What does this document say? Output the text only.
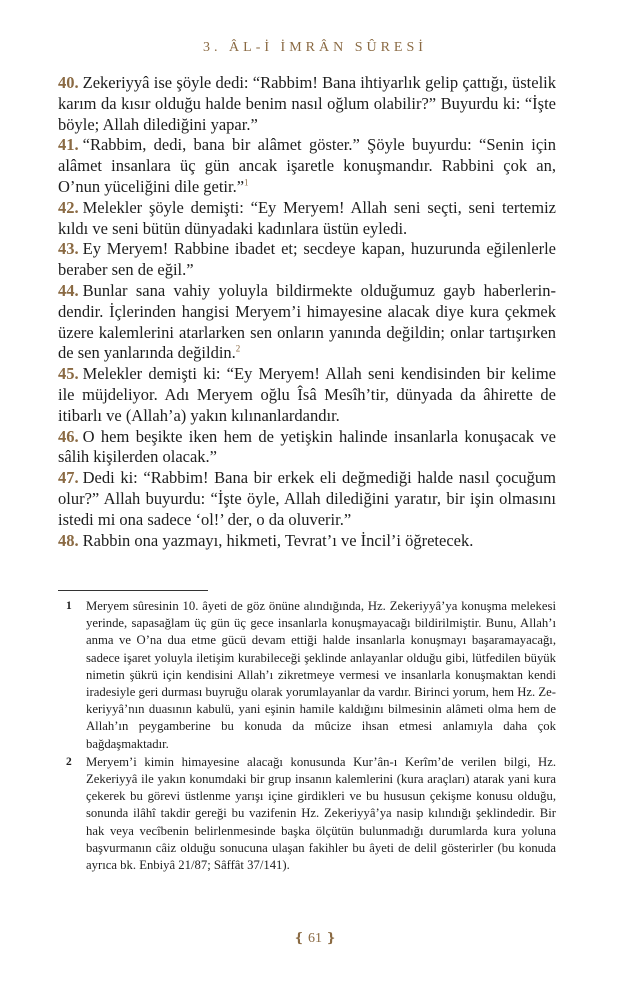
3. ÂL-İ İMRÂN SÛRESİ

40. Zekeriyyâ ise şöyle dedi: “Rabbim! Bana ihtiyarlık gelip çattığı, üstelik karım da kısır olduğu halde benim nasıl oğlum olabilir?” Buyurdu ki: “İşte böyle; Allah dilediğini yapar.”

41. “Rabbim, dedi, bana bir alâmet göster.” Şöyle buyurdu: “Senin için alâmet insanlara üç gün ancak işaretle konuşmandır. Rabbini çok an, O’nun yüceliğini dile getir.”$^1$

42. Melekler şöyle demişti: “Ey Meryem! Allah seni seçti, seni tertemiz kıldı ve seni bütün dünyadaki kadınlara üstün eyledi.

43. Ey Meryem! Rabbine ibadet et; secdeye kapan, huzurunda eğilenlerle beraber sen de eğil.”

44. Bunlar sana vahiy yoluyla bildirmekte olduğumuz gayb haberlerindendir. İçlerinden hangisi Meryem’i himayesine alacak diye kura çekmek üzere kalemlerini atarlarken sen onların yanında değildin; onlar tartışırken de sen yanlarında değildin.$^2$

45. Melekler demişti ki: “Ey Meryem! Allah seni kendisinden bir kelime ile müjdeliyor. Adı Meryem oğlu Îsâ Mesîh’tir, dünyada da âhirette de itibarlı ve (Allah’a) yakın kılınanlardandır.

46. O hem beşikte iken hem de yetişkin halinde insanlarla konuşacak ve sâlih kişilerden olacak.”

47. Dedi ki: “Rabbim! Bana bir erkek eli değmediği halde nasıl çocuğum olur?” Allah buyurdu: “İşte öyle, Allah dilediğini yaratır, bir işin olmasını istedi mi ona sadece ‘ol!’ der, o da oluverir.”

48. Rabbin ona yazmayı, hikmeti, Tevrat’ı ve İncil’i öğretecek.

1	Meryem sûresinin 10. âyeti de göz önüne alındığında, Hz. Zekeriyyâ’ya konuşma melekesi yerinde, sapasağlam üç gün üç gece insanlarla konuşmayacağı bildirilmiştir. Bunu, Allah’ı anma ve O’na dua etme gücü devam ettiği halde insanlarla konuşmayı başaramayacağı, sadece işaret yoluyla iletişim kurabileceği şeklinde anlayanlar olduğu gibi, lütfedilen büyük nimetin şükrü için kendisini Allah’ı zikretmeye vermesi ve insanlarla konuşmaktan kendi iradesiyle geri durması buyruğu olarak yorumlayanlar da vardır. Birinci yorum, hem Hz. Zekeriyyâ’nın duasının kabulü, yani eşinin hamile kaldığını bilmesinin alâmeti olma hem de Allah’ın peygamberine bu konuda da mûcize ihsan etmesi anlamıyla daha çok bağdaşmaktadır.
2	Meryem’i kimin himayesine alacağı konusunda Kur’ân-ı Kerîm’de verilen bilgi, Hz. Zekeriyyâ ile yakın konumdaki bir grup insanın kalemlerini (kura araçları) atarak yani kura çekerek bu görevi üstlenme yarışı içine girdikleri ve bu hususun çekişme konusu olduğu, sonunda ilâhî takdir gereği bu vazifenin Hz. Zekeriyyâ’ya nasip kılındığı şeklindedir. Bir hak veya vecîbenin belirlenmesinde başka ölçütün bulunmadığı durumlarda kura yoluna başvurmanın câiz olduğu sonucuna ulaşan fakihler bu âyeti de delil gösterirler (bu konuda ayrıca bk. Enbiyâ 21/87; Sâffât 37/141).
❴ 61 ❵
